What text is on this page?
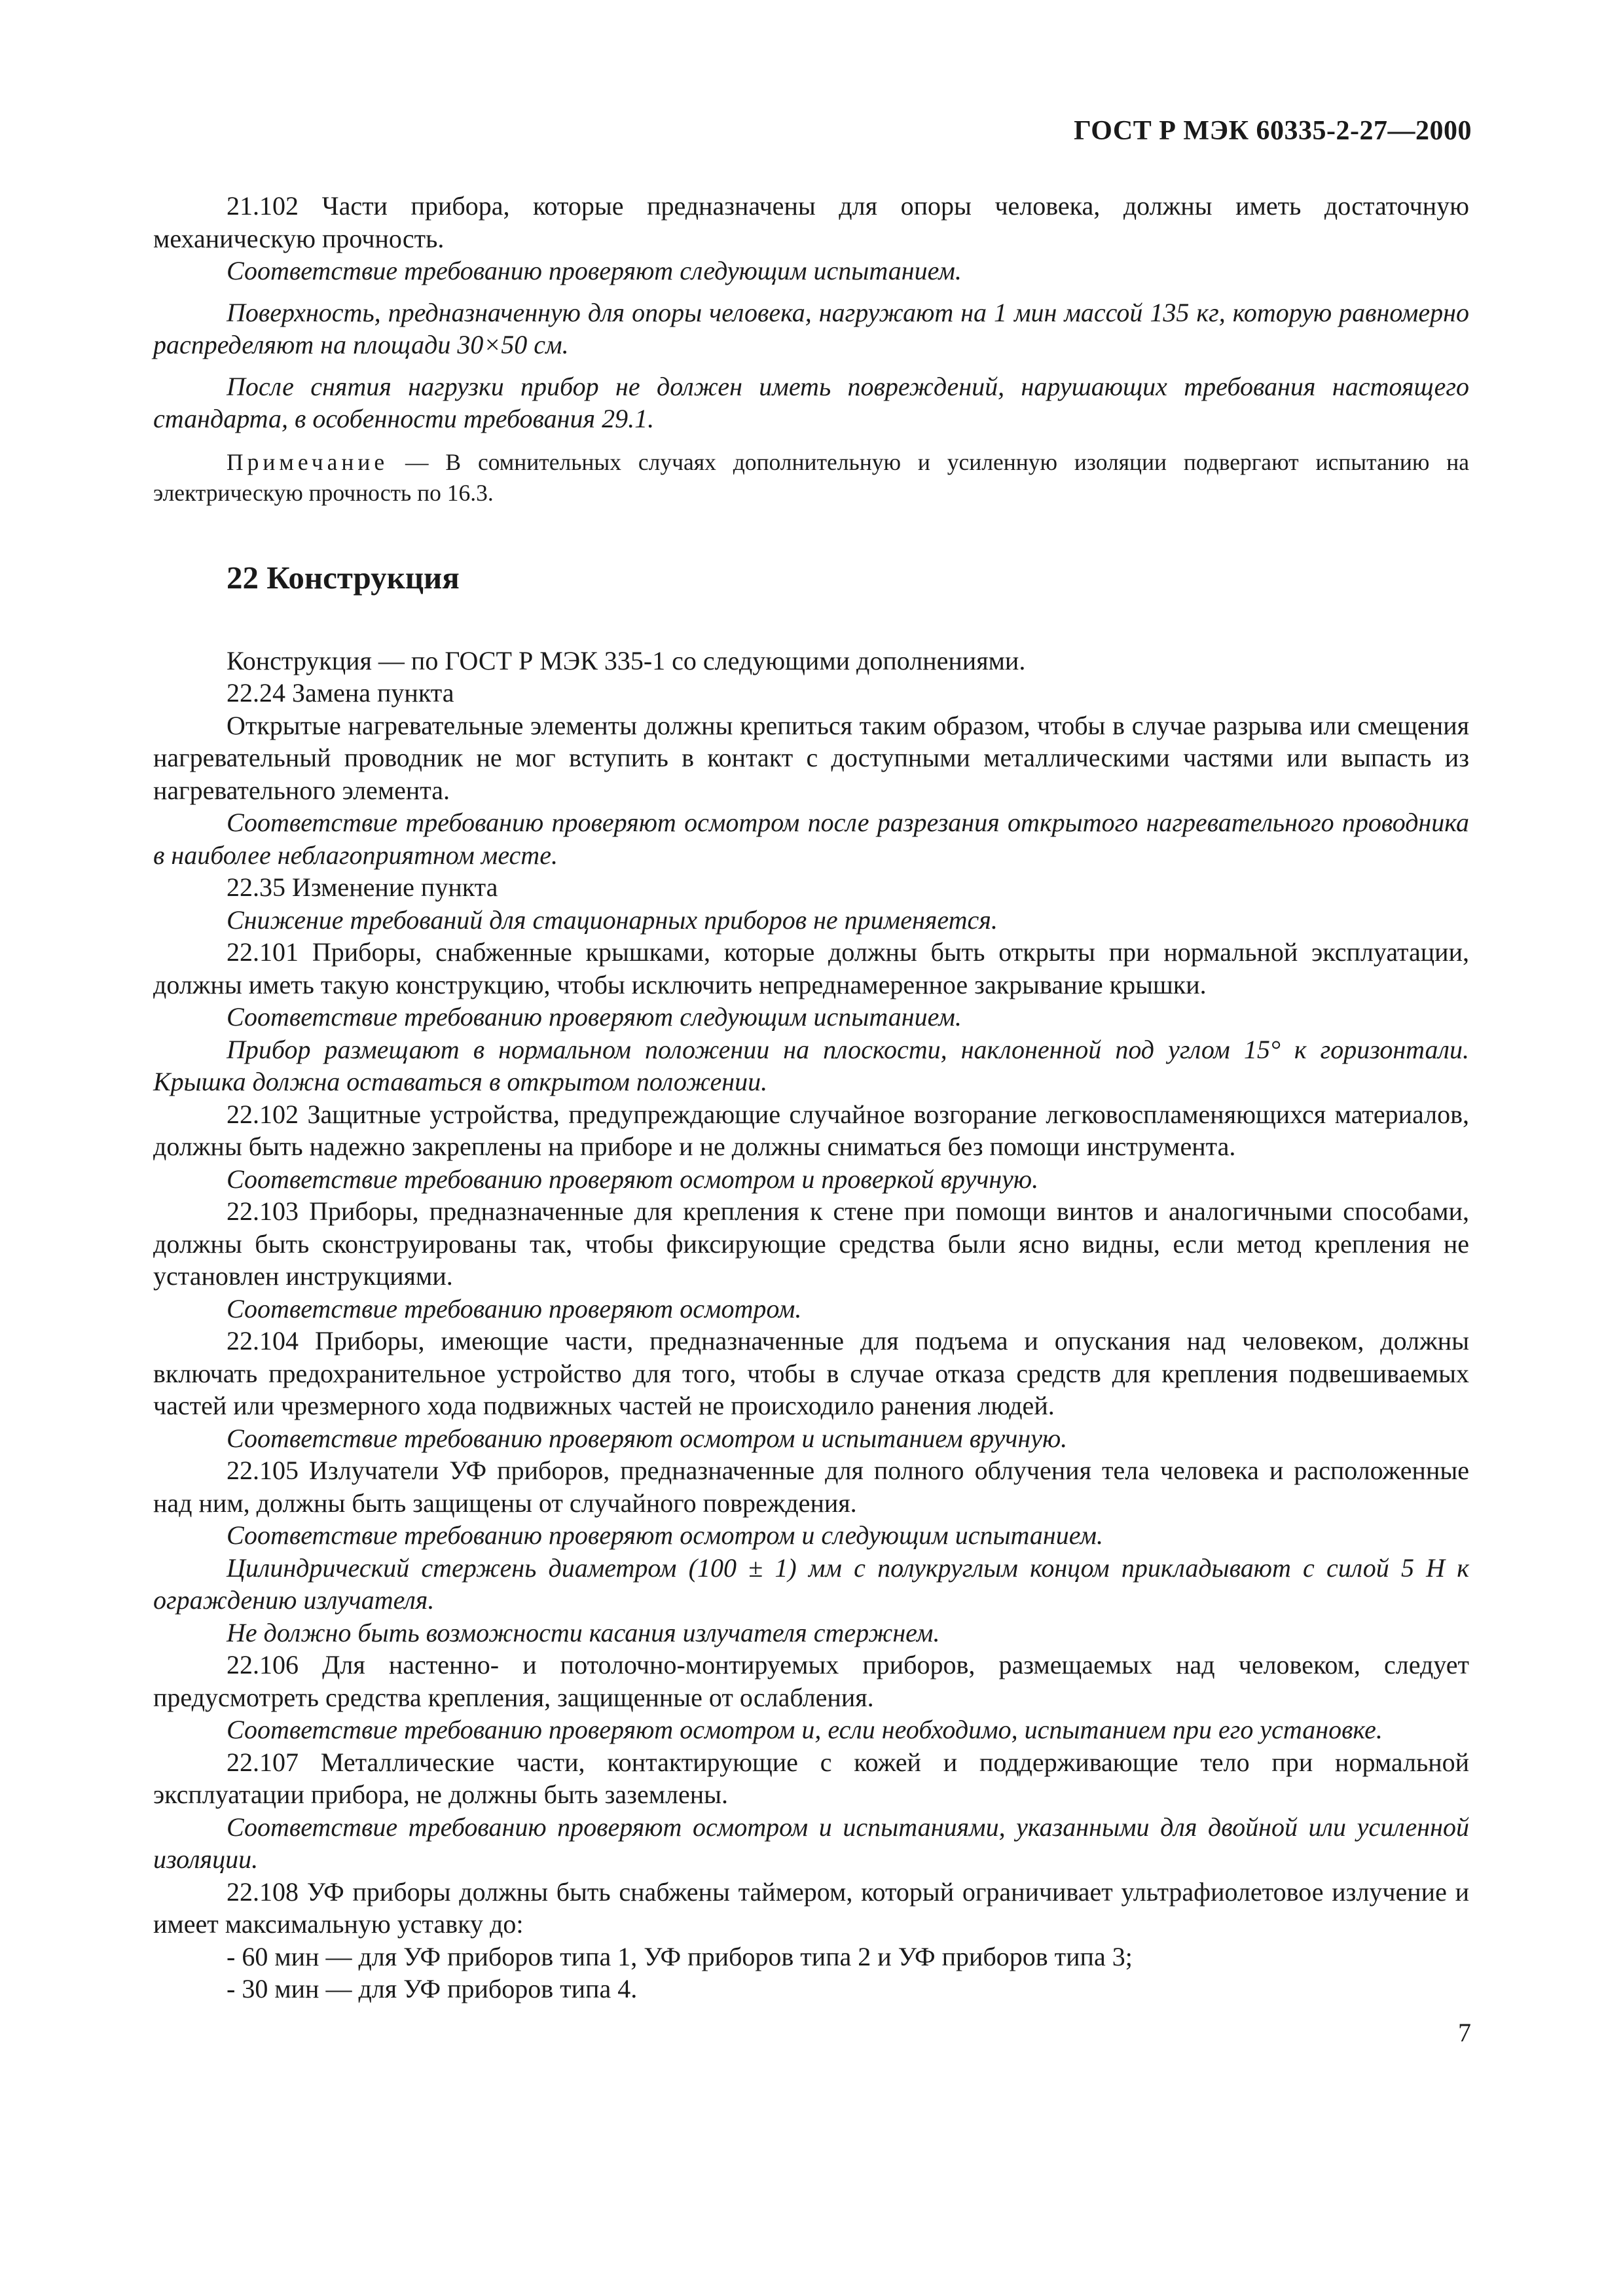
ГОСТ Р МЭК 60335-2-27—2000

21.102 Части прибора, которые предназначены для опоры человека, должны иметь достаточную механическую прочность.

Соответствие требованию проверяют следующим испытанием.

Поверхность, предназначенную для опоры человека, нагружают на 1 мин массой 135 кг, которую равномерно распределяют на площади 30×50 см.

После снятия нагрузки прибор не должен иметь повреждений, нарушающих требования настоящего стандарта, в особенности требования 29.1.

Примечание — В сомнительных случаях дополнительную и усиленную изоляции подвергают испытанию на электрическую прочность по 16.3.

22 Конструкция

Конструкция — по ГОСТ Р МЭК 335-1 со следующими дополнениями.

22.24 Замена пункта

Открытые нагревательные элементы должны крепиться таким образом, чтобы в случае разрыва или смещения нагревательный проводник не мог вступить в контакт с доступными металлическими частями или выпасть из нагревательного элемента.

Соответствие требованию проверяют осмотром после разрезания открытого нагревательного проводника в наиболее неблагоприятном месте.

22.35 Изменение пункта

Снижение требований для стационарных приборов не применяется.

22.101 Приборы, снабженные крышками, которые должны быть открыты при нормальной эксплуатации, должны иметь такую конструкцию, чтобы исключить непреднамеренное закрывание крышки.

Соответствие требованию проверяют следующим испытанием.

Прибор размещают в нормальном положении на плоскости, наклоненной под углом 15° к горизонтали. Крышка должна оставаться в открытом положении.

22.102 Защитные устройства, предупреждающие случайное возгорание легковоспламеняющихся материалов, должны быть надежно закреплены на приборе и не должны сниматься без помощи инструмента.

Соответствие требованию проверяют осмотром и проверкой вручную.

22.103 Приборы, предназначенные для крепления к стене при помощи винтов и аналогичными способами, должны быть сконструированы так, чтобы фиксирующие средства были ясно видны, если метод крепления не установлен инструкциями.

Соответствие требованию проверяют осмотром.

22.104 Приборы, имеющие части, предназначенные для подъема и опускания над человеком, должны включать предохранительное устройство для того, чтобы в случае отказа средств для крепления подвешиваемых частей или чрезмерного хода подвижных частей не происходило ранения людей.

Соответствие требованию проверяют осмотром и испытанием вручную.

22.105 Излучатели УФ приборов, предназначенные для полного облучения тела человека и расположенные над ним, должны быть защищены от случайного повреждения.

Соответствие требованию проверяют осмотром и следующим испытанием.

Цилиндрический стержень диаметром (100 ± 1) мм с полукруглым концом прикладывают с силой 5 Н к ограждению излучателя.

Не должно быть возможности касания излучателя стержнем.

22.106 Для настенно- и потолочно-монтируемых приборов, размещаемых над человеком, следует предусмотреть средства крепления, защищенные от ослабления.

Соответствие требованию проверяют осмотром и, если необходимо, испытанием при его установке.

22.107 Металлические части, контактирующие с кожей и поддерживающие тело при нормальной эксплуатации прибора, не должны быть заземлены.

Соответствие требованию проверяют осмотром и испытаниями, указанными для двойной или усиленной изоляции.

22.108 УФ приборы должны быть снабжены таймером, который ограничивает ультрафиолетовое излучение и имеет максимальную уставку до:

- 60 мин — для УФ приборов типа 1, УФ приборов типа 2 и УФ приборов типа 3;

- 30 мин — для УФ приборов типа 4.

7
